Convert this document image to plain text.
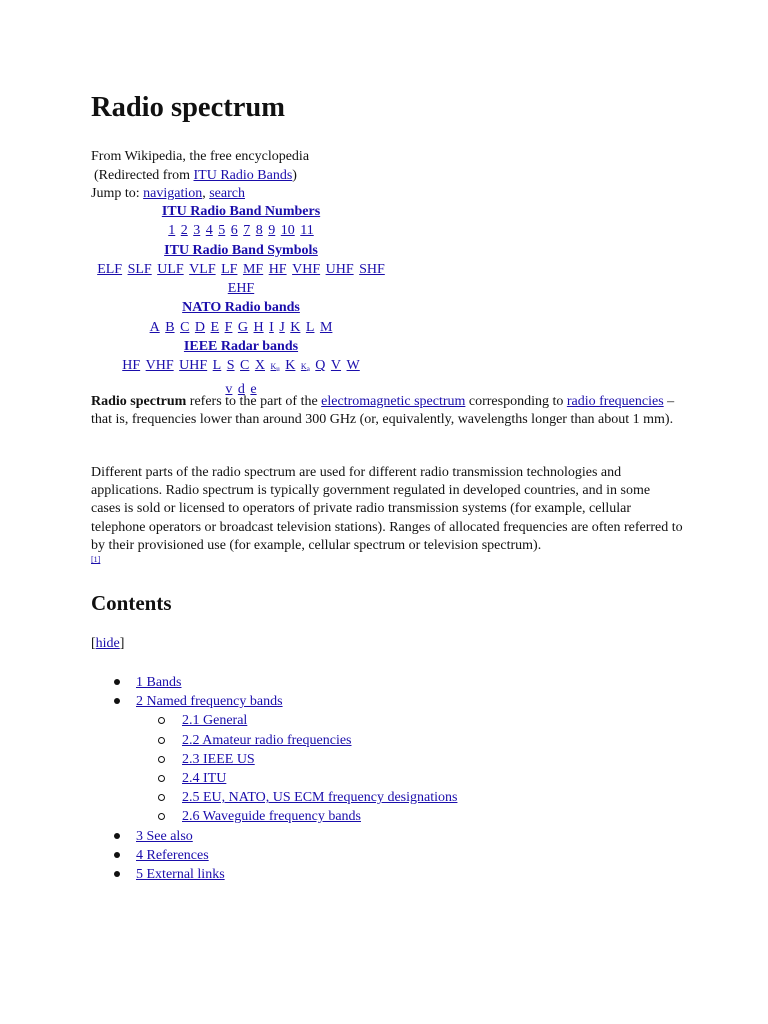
Radio spectrum
From Wikipedia, the free encyclopedia
(Redirected from ITU Radio Bands)
Jump to: navigation, search
ITU Radio Band Numbers
1 2 3 4 5 6 7 8 9 10 11
ITU Radio Band Symbols
ELF SLF ULF VLF LF MF HF VHF UHF SHF EHF
NATO Radio bands
A B C D E F G H I J K L M
IEEE Radar bands
HF VHF UHF L S C X $K_u$ K $K_a$ Q V W
v d e

Radio spectrum refers to the part of the electromagnetic spectrum corresponding to radio frequencies – that is, frequencies lower than around 300 GHz (or, equivalently, wavelengths longer than about 1 mm).

Different parts of the radio spectrum are used for different radio transmission technologies and applications. Radio spectrum is typically government regulated in developed countries, and in some cases is sold or licensed to operators of private radio transmission systems (for example, cellular telephone operators or broadcast television stations). Ranges of allocated frequencies are often referred to by their provisioned use (for example, cellular spectrum or television spectrum).
[1]

Contents
[hide]
1 Bands
2 Named frequency bands
2.1 General
2.2 Amateur radio frequencies
2.3 IEEE US
2.4 ITU
2.5 EU, NATO, US ECM frequency designations
2.6 Waveguide frequency bands
3 See also
4 References
5 External links
